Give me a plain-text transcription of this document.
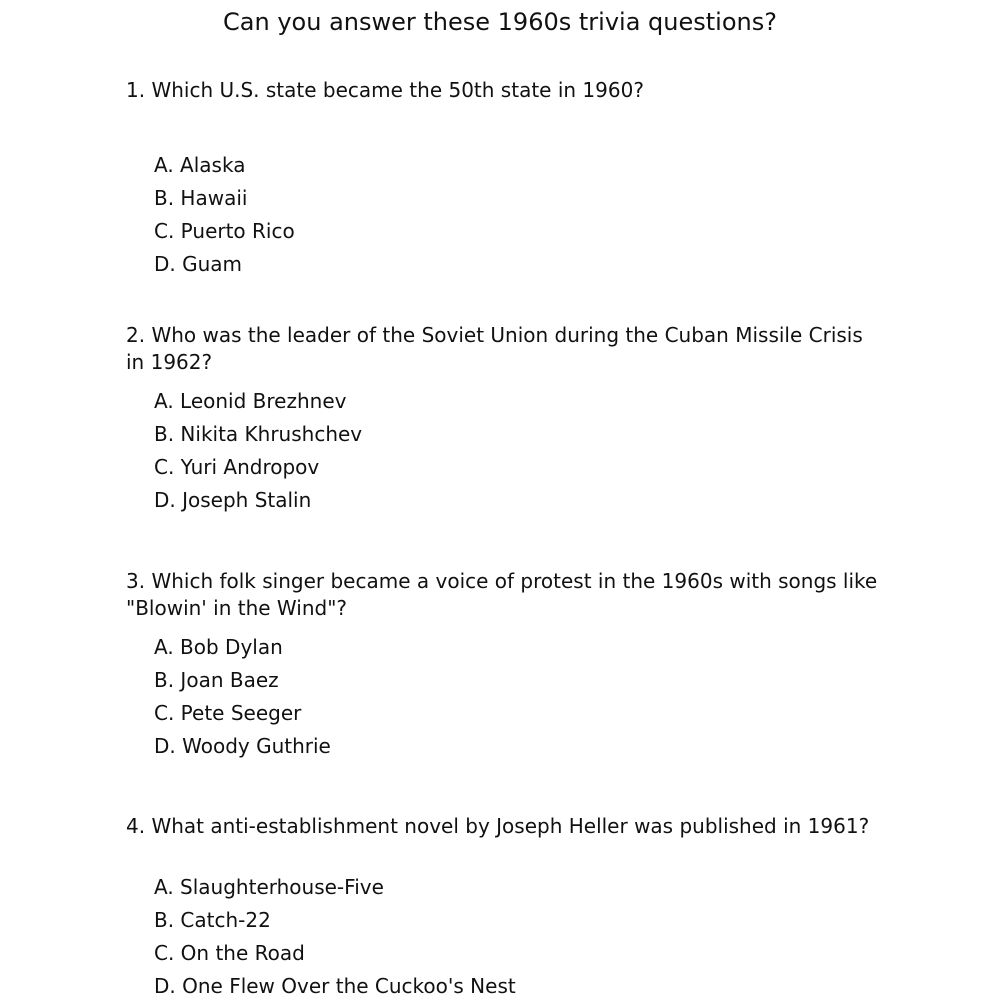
Can you answer these 1960s trivia questions?

1. Which U.S. state became the 50th state in 1960?

A. Alaska
B. Hawaii
C. Puerto Rico
D. Guam

2. Who was the leader of the Soviet Union during the Cuban Missile Crisis in 1962?

A. Leonid Brezhnev
B. Nikita Khrushchev
C. Yuri Andropov
D. Joseph Stalin

3. Which folk singer became a voice of protest in the 1960s with songs like "Blowin' in the Wind"?

A. Bob Dylan
B. Joan Baez
C. Pete Seeger
D. Woody Guthrie

4. What anti-establishment novel by Joseph Heller was published in 1961?

A. Slaughterhouse-Five
B. Catch-22
C. On the Road
D. One Flew Over the Cuckoo's Nest
